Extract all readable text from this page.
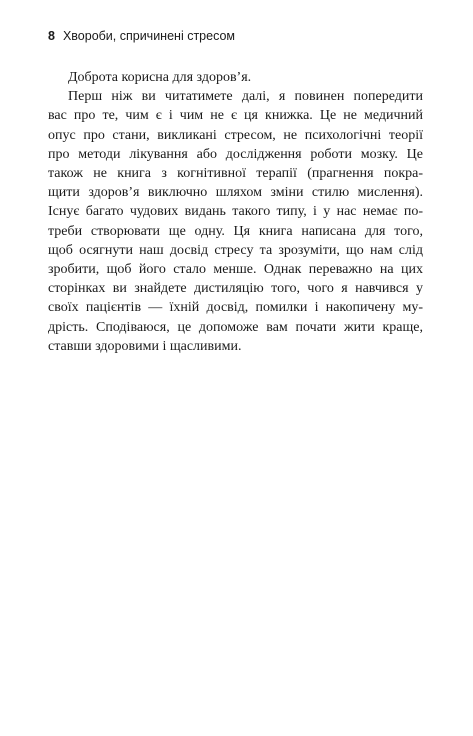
8 Хвороби, спричинені стресом
Доброта корисна для здоров’я.
Перш ніж ви читатимете далі, я повинен попередити
вас про те, чим є і чим не є ця книжка. Це не медичний
опус про стани, викликані стресом, не психологічні теорії
про методи лікування або дослідження роботи мозку. Це
також не книга з когнітивної терапії (прагнення покра-
щити здоров’я виключно шляхом зміни стилю мислення).
Існує багато чудових видань такого типу, і у нас немає по-
треби створювати ще одну. Ця книга написана для того,
щоб осягнути наш досвід стресу та зрозуміти, що нам слід
зробити, щоб його стало менше. Однак переважно на цих
сторінках ви знайдете дистиляцію того, чого я навчився у
своїх пацієнтів — їхній досвід, помилки і накопичену му-
дрість. Сподіваюся, це допоможе вам почати жити краще,
ставши здоровими і щасливими.
